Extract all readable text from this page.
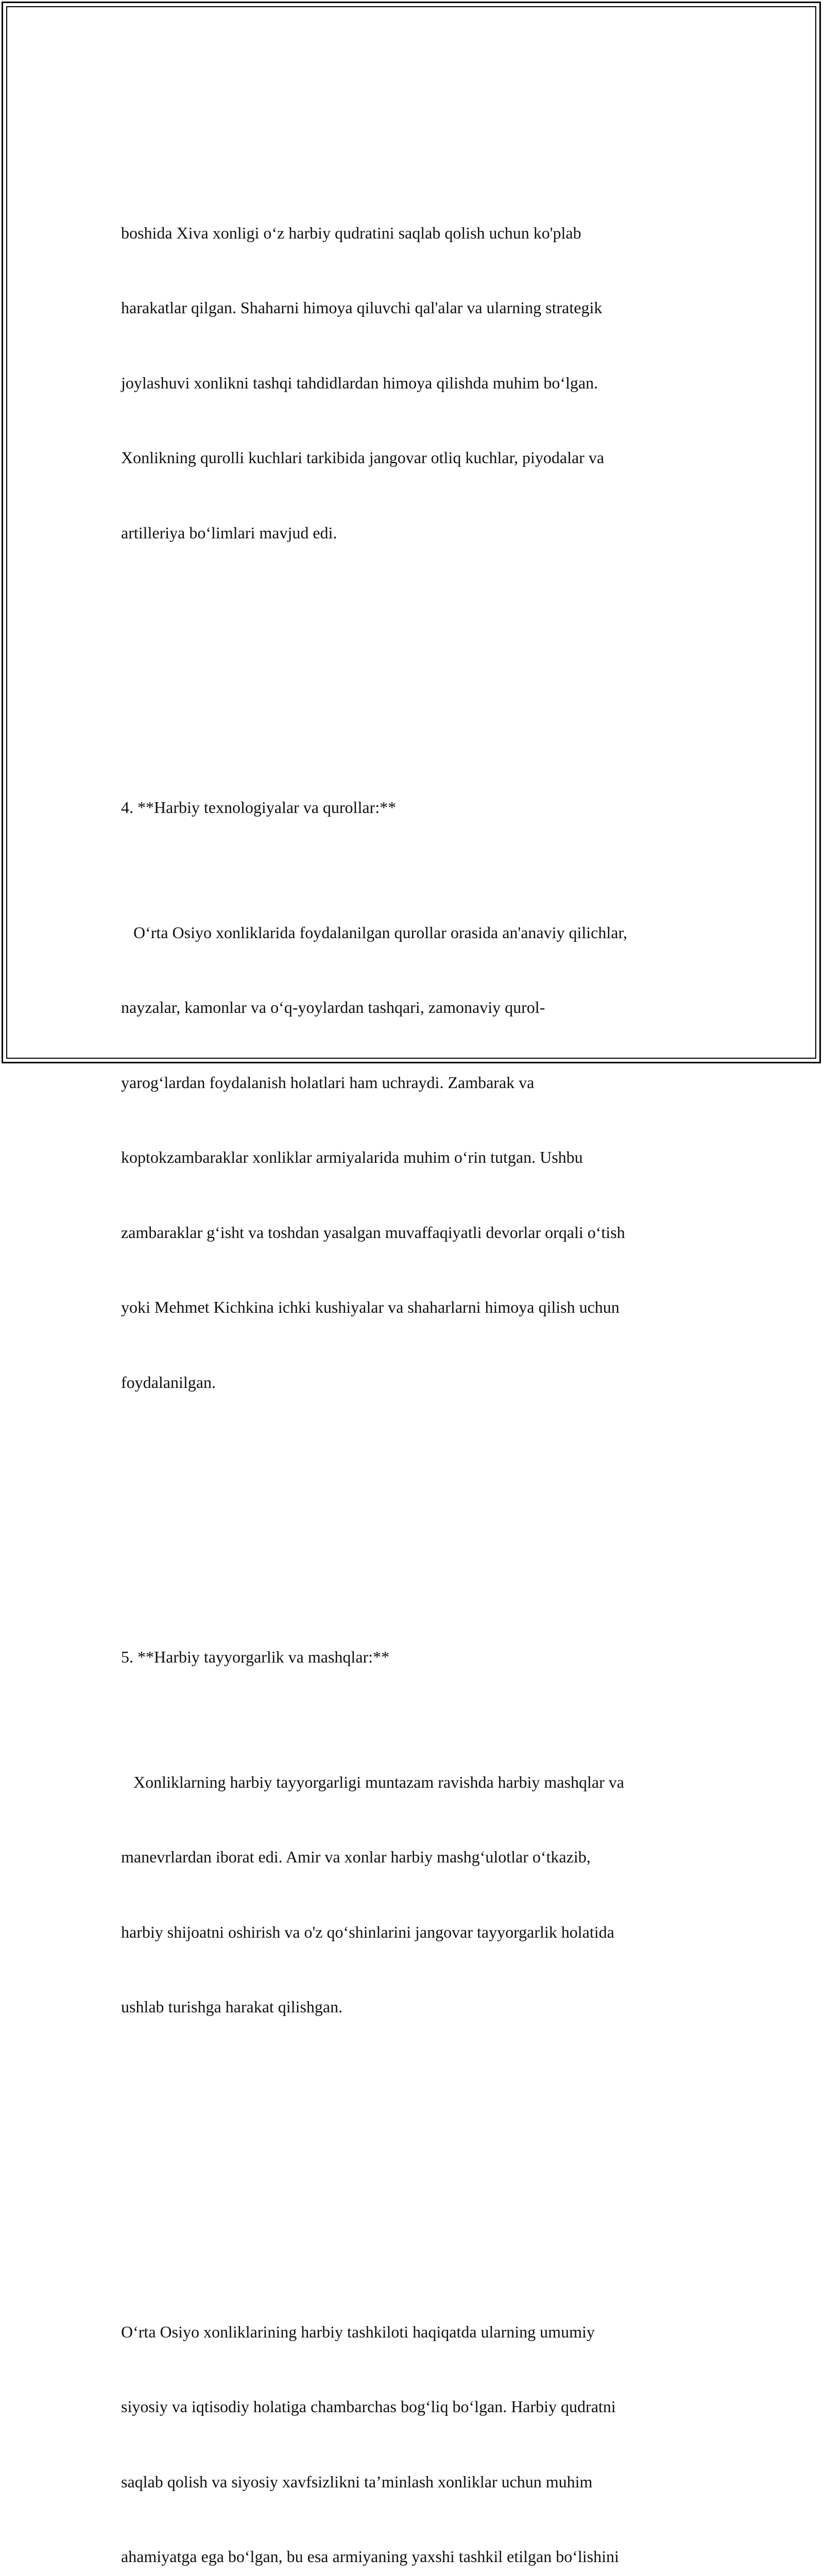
boshida Xiva xonligi o‘z harbiy qudratini saqlab qolish uchun ko'plab

harakatlar qilgan. Shaharni himoya qiluvchi qal'alar va ularning strategik

joylashuvi xonlikni tashqi tahdidlardan himoya qilishda muhim bo‘lgan.

Xonlikning qurolli kuchlari tarkibida jangovar otliq kuchlar, piyodalar va

artilleriya bo‘limlari mavjud edi.

4. **Harbiy texnologiyalar va qurollar:**

O‘rta Osiyo xonliklarida foydalanilgan qurollar orasida an'anaviy qilichlar,

nayzalar, kamonlar va o‘q-yoylardan tashqari, zamonaviy qurol-

yarog‘lardan foydalanish holatlari ham uchraydi. Zambarak va

koptokzambaraklar xonliklar armiyalarida muhim o‘rin tutgan. Ushbu

zambaraklar g‘isht va toshdan yasalgan muvaffaqiyatli devorlar orqali o‘tish

yoki Mehmet Kichkina ichki kushiyalar va shaharlarni himoya qilish uchun

foydalanilgan.

5. **Harbiy tayyorgarlik va mashqlar:**

Xonliklarning harbiy tayyorgarligi muntazam ravishda harbiy mashqlar va

manevrlardan iborat edi. Amir va xonlar harbiy mashg‘ulotlar o‘tkazib,

harbiy shijoatni oshirish va o'z qo‘shinlarini jangovar tayyorgarlik holatida

ushlab turishga harakat qilishgan.

O‘rta Osiyo xonliklarining harbiy tashkiloti haqiqatda ularning umumiy

siyosiy va iqtisodiy holatiga chambarchas bog‘liq bo‘lgan. Harbiy qudratni

saqlab qolish va siyosiy xavfsizlikni ta’minlash xonliklar uchun muhim

ahamiyatga ega bo‘lgan, bu esa armiyaning yaxshi tashkil etilgan bo‘lishini
